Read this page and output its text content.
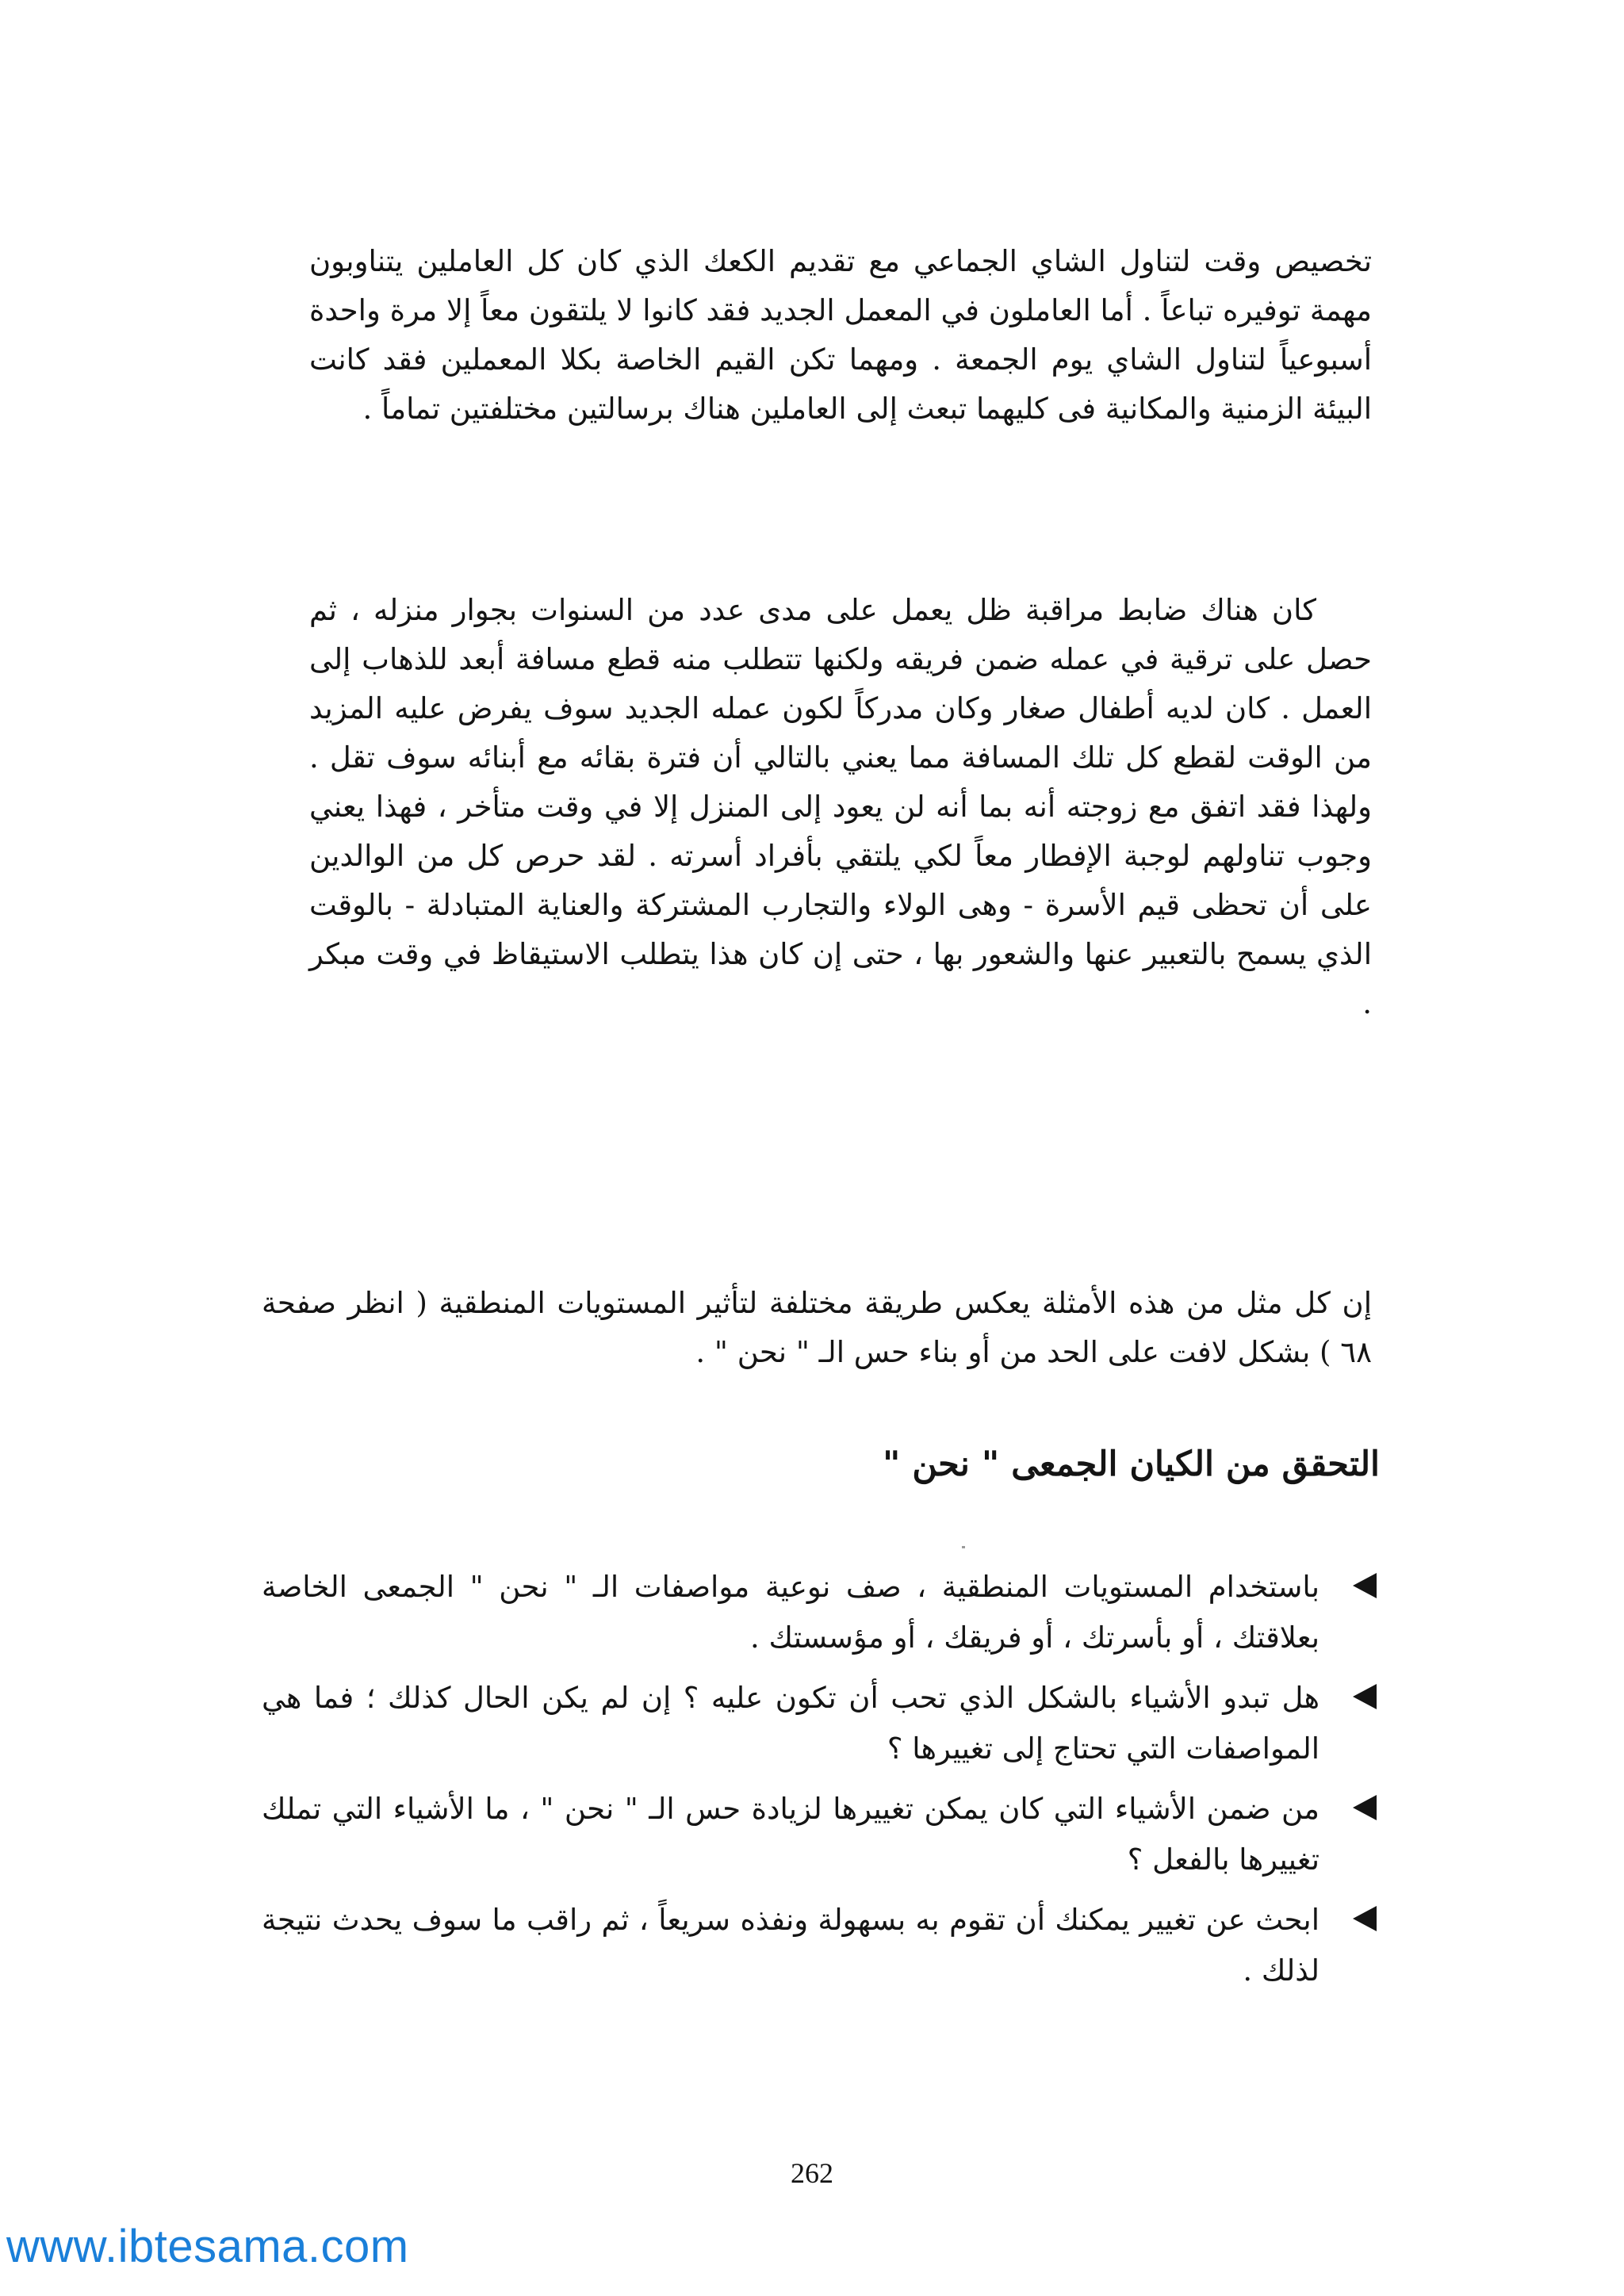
تخصيص وقت لتناول الشاي الجماعي مع تقديم الكعك الذي كان كل العاملين يتناوبون مهمة توفيره تباعاً . أما العاملون في المعمل الجديد فقد كانوا لا يلتقون معاً إلا مرة واحدة أسبوعياً لتناول الشاي يوم الجمعة . ومهما تكن القيم الخاصة بكلا المعملين فقد كانت البيئة الزمنية والمكانية فى كليهما تبعث إلى العاملين هناك برسالتين مختلفتين تماماً .

كان هناك ضابط مراقبة ظل يعمل على مدى عدد من السنوات بجوار منزله ، ثم حصل على ترقية في عمله ضمن فريقه ولكنها تتطلب منه قطع مسافة أبعد للذهاب إلى العمل . كان لديه أطفال صغار وكان مدركاً لكون عمله الجديد سوف يفرض عليه المزيد من الوقت لقطع كل تلك المسافة مما يعني بالتالي أن فترة بقائه مع أبنائه سوف تقل . ولهذا فقد اتفق مع زوجته أنه بما أنه لن يعود إلى المنزل إلا في وقت متأخر ، فهذا يعني وجوب تناولهم لوجبة الإفطار معاً لكي يلتقي بأفراد أسرته . لقد حرص كل من الوالدين على أن تحظى قيم الأسرة - وهى الولاء والتجارب المشتركة والعناية المتبادلة - بالوقت الذي يسمح بالتعبير عنها والشعور بها ، حتى إن كان هذا يتطلب الاستيقاظ في وقت مبكر .

إن كل مثل من هذه الأمثلة يعكس طريقة مختلفة لتأثير المستويات المنطقية ( انظر صفحة ٦٨ ) بشكل لافت على الحد من أو بناء حس الـ " نحن " .

التحقق من الكيان الجمعى " نحن "
باستخدام المستويات المنطقية ، صف نوعية مواصفات الـ " نحن " الجمعى الخاصة بعلاقتك ، أو بأسرتك ، أو فريقك ، أو مؤسستك .
هل تبدو الأشياء بالشكل الذي تحب أن تكون عليه ؟ إن لم يكن الحال كذلك ؛ فما هي المواصفات التي تحتاج إلى تغييرها ؟
من ضمن الأشياء التي كان يمكن تغييرها لزيادة حس الـ " نحن " ، ما الأشياء التي تملك تغييرها بالفعل ؟
ابحث عن تغيير يمكنك أن تقوم به بسهولة ونفذه سريعاً ، ثم راقب ما سوف يحدث نتيجة لذلك .
262
www.ibtesama.com
